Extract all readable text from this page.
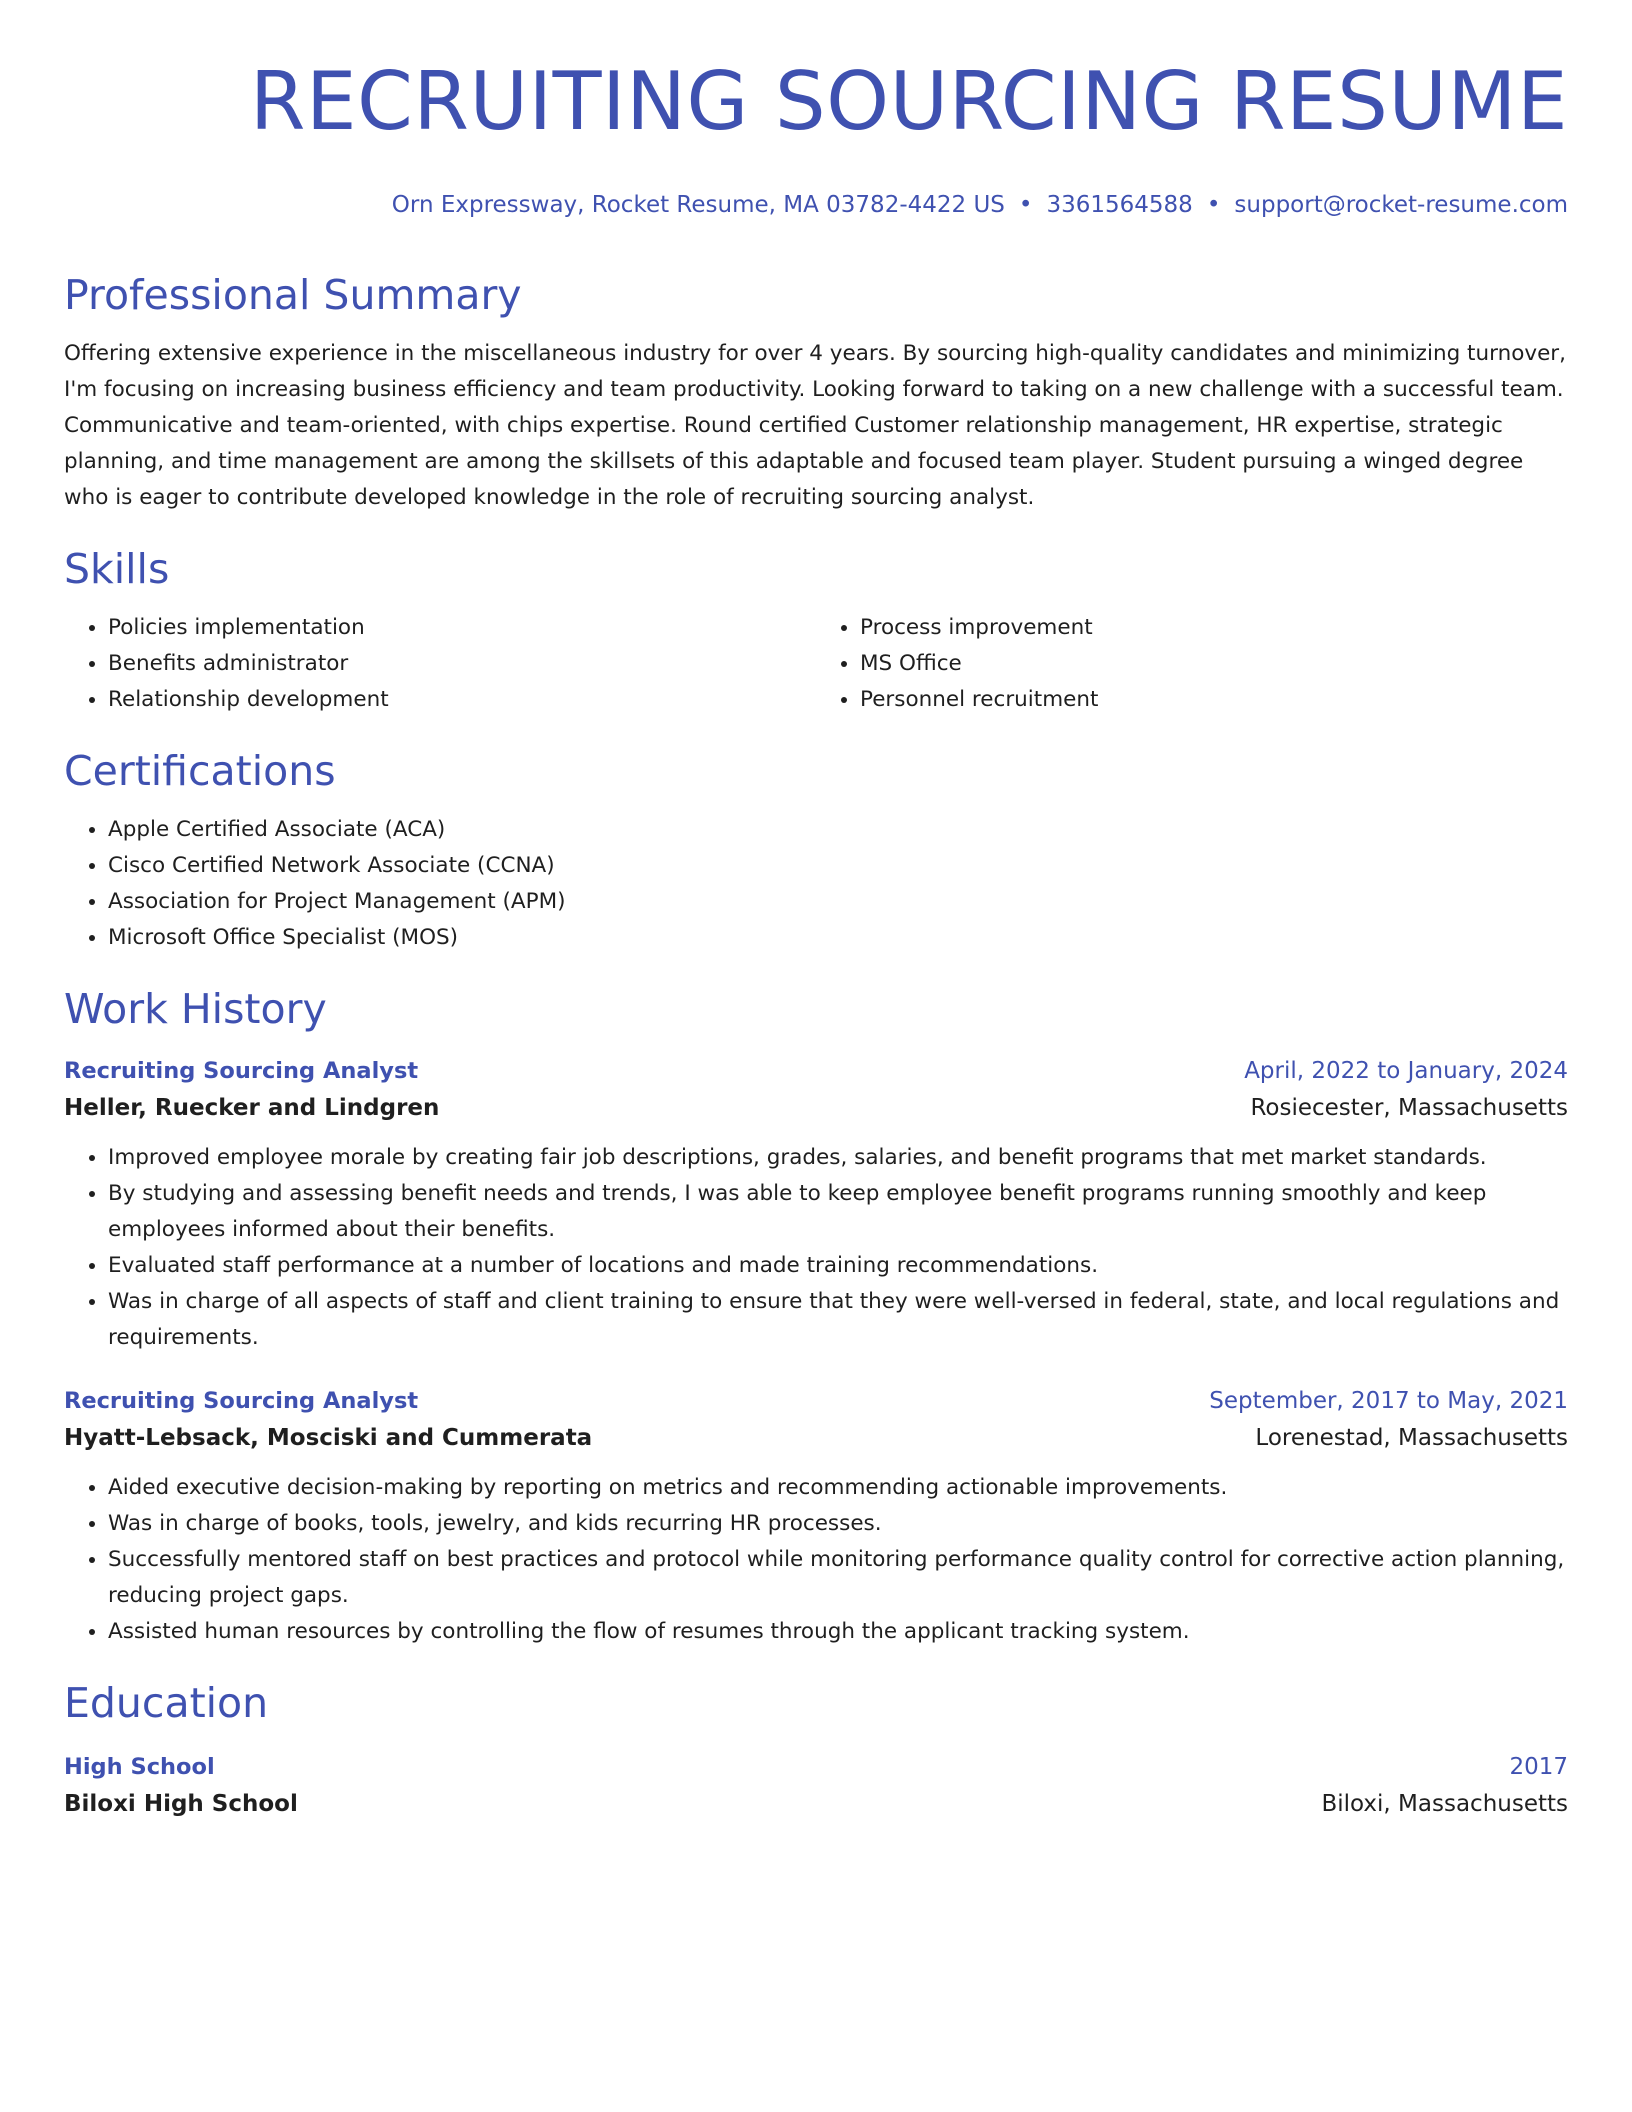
RECRUITING SOURCING RESUME
Orn Expressway, Rocket Resume, MA 03782-4422 US • 3361564588 • support@rocket-resume.com
Professional Summary
Offering extensive experience in the miscellaneous industry for over 4 years. By sourcing high-quality candidates and minimizing turnover, I'm focusing on increasing business efficiency and team productivity. Looking forward to taking on a new challenge with a successful team. Communicative and team-oriented, with chips expertise. Round certified Customer relationship management, HR expertise, strategic planning, and time management are among the skillsets of this adaptable and focused team player. Student pursuing a winged degree who is eager to contribute developed knowledge in the role of recruiting sourcing analyst.
Skills
• Policies implementation
• Benefits administrator
• Relationship development
• Process improvement
• MS Office
• Personnel recruitment
Certifications
• Apple Certified Associate (ACA)
• Cisco Certified Network Associate (CCNA)
• Association for Project Management (APM)
• Microsoft Office Specialist (MOS)
Work History
Recruiting Sourcing Analyst	April, 2022 to January, 2024
Heller, Ruecker and Lindgren	Rosiecester, Massachusetts
• Improved employee morale by creating fair job descriptions, grades, salaries, and benefit programs that met market standards.
• By studying and assessing benefit needs and trends, I was able to keep employee benefit programs running smoothly and keep employees informed about their benefits.
• Evaluated staff performance at a number of locations and made training recommendations.
• Was in charge of all aspects of staff and client training to ensure that they were well-versed in federal, state, and local regulations and requirements.
Recruiting Sourcing Analyst	September, 2017 to May, 2021
Hyatt-Lebsack, Mosciski and Cummerata	Lorenestad, Massachusetts
• Aided executive decision-making by reporting on metrics and recommending actionable improvements.
• Was in charge of books, tools, jewelry, and kids recurring HR processes.
• Successfully mentored staff on best practices and protocol while monitoring performance quality control for corrective action planning, reducing project gaps.
• Assisted human resources by controlling the flow of resumes through the applicant tracking system.
Education
High School	2017
Biloxi High School	Biloxi, Massachusetts
